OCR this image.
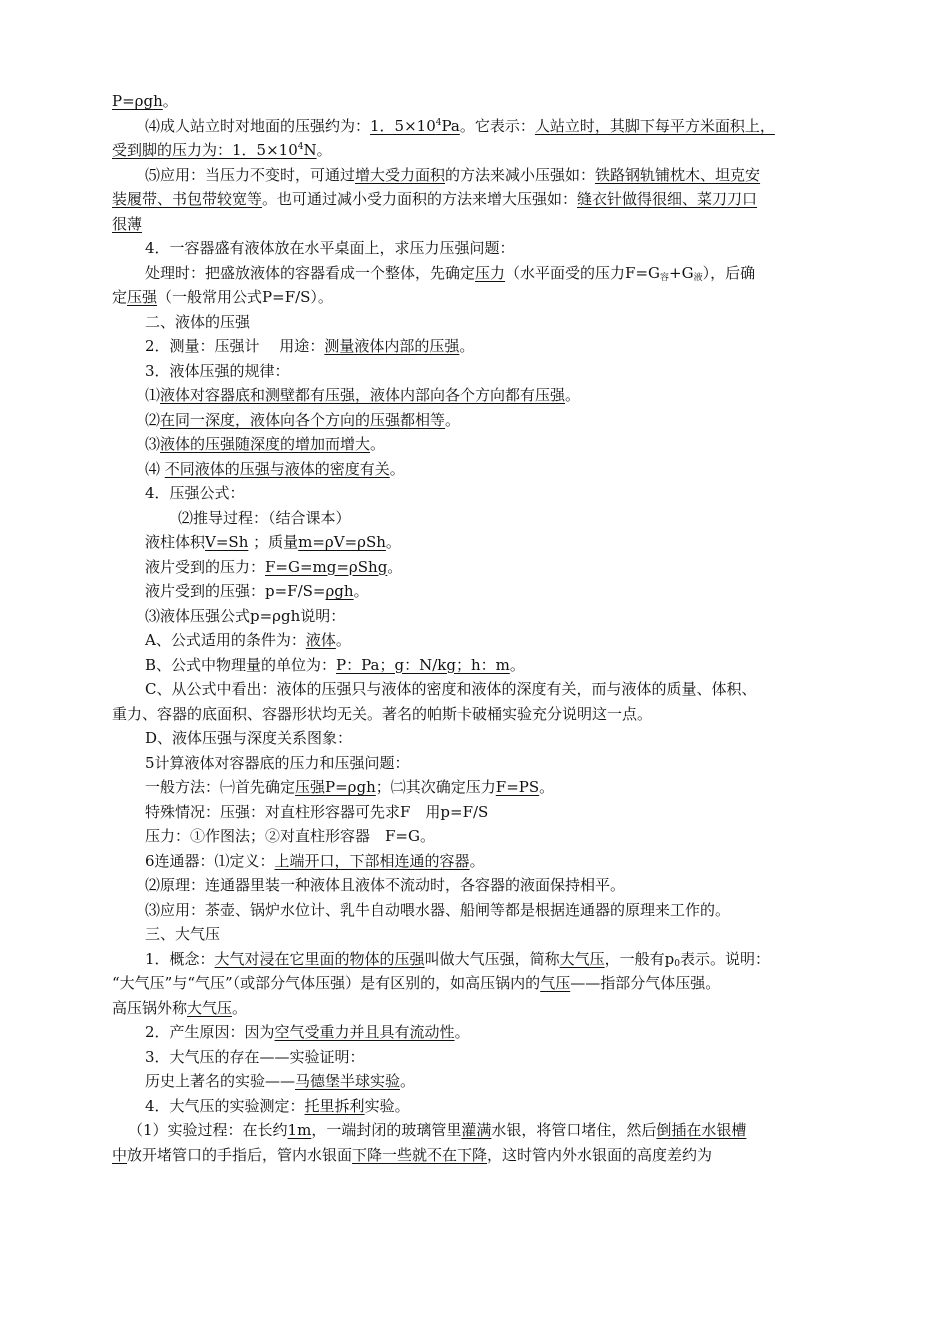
P=ρgh。
⑷成人站立时对地面的压强约为：1．$5\times 10^4Pa$。它表示：人站立时，其脚下每平方米面积上，
受到脚的压力为：1．$5\times 10^4N$。
⑸应用：当压力不变时，可通过增大受力面积的方法来减小压强如：铁路钢轨铺枕木、坦克安
装履带、书包带较宽等。也可通过减小受力面积的方法来增大压强如：缝衣针做得很细、菜刀刀口
很薄
4．一容器盛有液体放在水平桌面上，求压力压强问题：
处理时：把盛放液体的容器看成一个整体，先确定压力（水平面受的压力$F=G_容+G_液$），后确
定压强（一般常用公式P=F/S）。
二、液体的压强
2．测量：压强计　 用途：测量液体内部的压强。
3．液体压强的规律：
⑴液体对容器底和测壁都有压强，液体内部向各个方向都有压强。
⑵在同一深度，液体向各个方向的压强都相等。
⑶液体的压强随深度的增加而增大。
⑷ 不同液体的压强与液体的密度有关。
4．压强公式：
⑵推导过程：（结合课本）
液柱体积V=Sh ；质量m=ρV=ρSh。
液片受到的压力：F=G=mg=ρShg。
液片受到的压强：p=F/S=ρgh。
⑶液体压强公式p=ρgh说明：
A、公式适用的条件为：液体。
B、公式中物理量的单位为：P：Pa；g：N/kg；h：m。
C、从公式中看出：液体的压强只与液体的密度和液体的深度有关，而与液体的质量、体积、
重力、容器的底面积、容器形状均无关。著名的帕斯卡破桶实验充分说明这一点。
D、液体压强与深度关系图象：
5计算液体对容器底的压力和压强问题：
一般方法：㈠首先确定压强P=ρgh；㈡其次确定压力F=PS。
特殊情况：压强：对直柱形容器可先求F　用p=F/S
压力：①作图法；②对直柱形容器　F=G。
6连通器：⑴定义：上端开口，下部相连通的容器。
⑵原理：连通器里装一种液体且液体不流动时，各容器的液面保持相平。
⑶应用：茶壶、锅炉水位计、乳牛自动喂水器、船闸等都是根据连通器的原理来工作的。
三、大气压
1．概念：大气对浸在它里面的物体的压强叫做大气压强，简称大气压，一般有$p_0$表示。说明：
“大气压”与“气压”（或部分气体压强）是有区别的，如高压锅内的气压——指部分气体压强。
高压锅外称大气压。
2．产生原因：因为空气受重力并且具有流动性。
3．大气压的存在——实验证明：
历史上著名的实验——马德堡半球实验。
4．大气压的实验测定：托里拆利实验。
（1）实验过程：在长约1m，一端封闭的玻璃管里灌满水银，将管口堵住，然后倒插在水银槽
中放开堵管口的手指后，管内水银面下降一些就不在下降，这时管内外水银面的高度差约为
